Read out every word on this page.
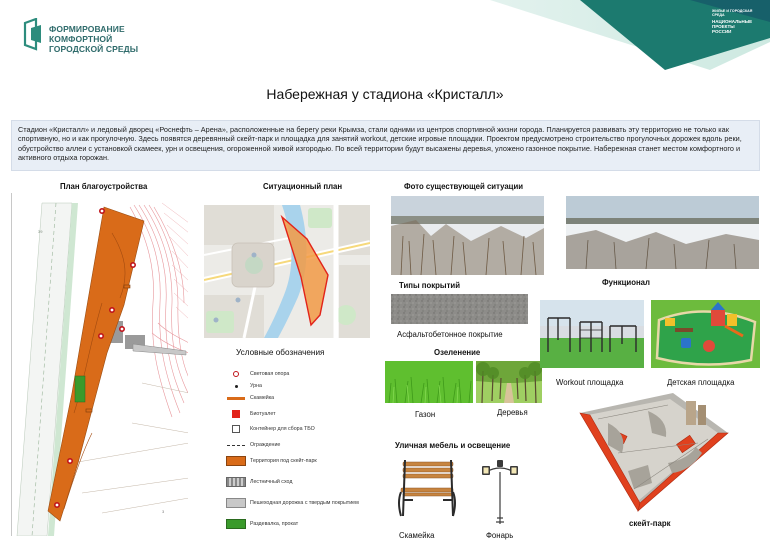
ФОРМИРОВАНИЕ
КОМФОРТНОЙ
ГОРОДСКОЙ СРЕДЫ
ЖИЛЬЕ И ГОРОДСКАЯ СРЕДА
НАЦИОНАЛЬНЫЕ
ПРОЕКТЫ
РОССИИ
Набережная у стадиона «Кристалл»
Стадион «Кристалл» и ледовый дворец «Роснефть – Арена», расположенные на берегу реки Крымза, стали одними из центров спортивной жизни города. Планируется развивать эту территорию не только как спортивную, но и как прогулочную. Здесь появятся деревянный скейт-парк и площадка для занятий workout, детские игровые площадки. Проектом предусмотрено строительство прогулочных дорожек вдоль реки, обустройство аллеи с установкой скамеек, урн и освещения, огороженной живой изгородью. По всей территории будут высажены деревья, уложено газонное покрытие. Набережная станет местом комфортного и активного отдыха горожан.
План благоустройства	Ситуационный план	Фото существующей ситуации
Типы покрытий	Функционал
Озеленение
Уличная мебель и освещение
39
3
Условные обозначения
Световая опора
Урна
Скамейка
Биотуалет
Контейнер для сбора ТБО
Ограждение
Территория под скейт-парк
Лестничный сход
Пешеходная дорожка с твердым покрытием
Раздевалка, прокат
Асфальтобетонное покрытие
Газон	Деревья
Workout площадка	Детская площадка
Скамейка	Фонарь
скейт-парк
